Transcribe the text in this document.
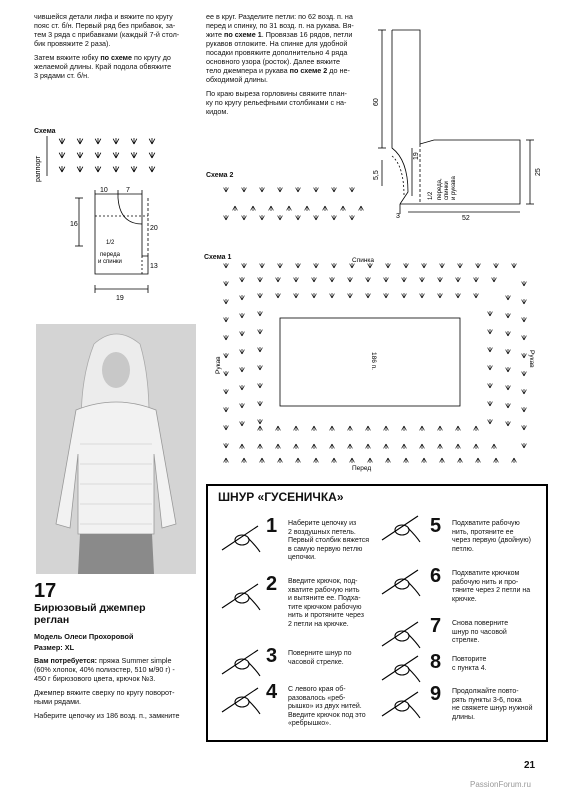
чившейся детали лифа и вяжите по кругу
пояс ст. б/н. Первый ряд без прибавок, за-
тем 3 ряда с прибавками (каждый 7-й стол-
бик провяжите 2 раза).

Затем вяжите юбку по схеме по кругу до
желаемой длины. Край подола обвяжите
3 рядами ст. б/н.

ее в круг. Разделите петли: по 62 возд. п. на
перед и спинку, по 31 возд. п. на рукава. Вя-
жите по схеме 1. Провязав 16 рядов, петли
рукавов отложите. На спинке для удобной
посадки провяжите дополнительно 4 ряда
основного узора (росток). Далее вяжите
тело джемпера и рукава по схеме 2 до не-
обходимой длины.

По краю выреза горловины свяжите план-
ку по кругу рельефными столбиками с на-
кидом.

Схема
раппорт
10	7
16
20
13
19
1/2
переда
и спинки
60
5,5
3
19
52
25
1/2 переда, спинки и рукава
Схема 2
Схема 1	Спинка
Перед
Рукав	Рукав
186 п.
17
Бирюзовый джемпер
реглан
Модель Олеси Прохоровой
Размер: XL

Вам потребуется: пряжа Summer simple
(60% хлопок, 40% полиэстер, 510 м/90 г) -
450 г бирюзового цвета, крючок №3.

Джемпер вяжите сверху по кругу поворот-
ными рядами.

Наберите цепочку из 186 возд. п., замкните

ШНУР «ГУСЕНИЧКА»
1 Наберите цепочку из
2 воздушных петель.
Первый столбик вяжется
в самую первую петлю
цепочки.
2 Введите крючок, под-
хватите рабочую нить
и вытяните ее. Подха-
тите крючком рабочую
нить и протяните через
2 петли на крючке.
3 Поверните шнур по
часовой стрелке.
4 С левого края об-
разовалось «реб-
рышко» из двух нитей.
Введите крючок под это
«ребрышко».
5 Подхватите рабочую
нить, протяните ее
через первую (двойную)
петлю.
6 Подхватите крючком
рабочую нить и про-
тяните через 2 петли на
крючке.
7 Снова поверните
шнур по часовой
стрелке.
8 Повторите
с пункта 4.
9 Продолжайте повто-
рять пункты 3-6, пока
не свяжете шнур нужной
длины.
21
PassionForum.ru
